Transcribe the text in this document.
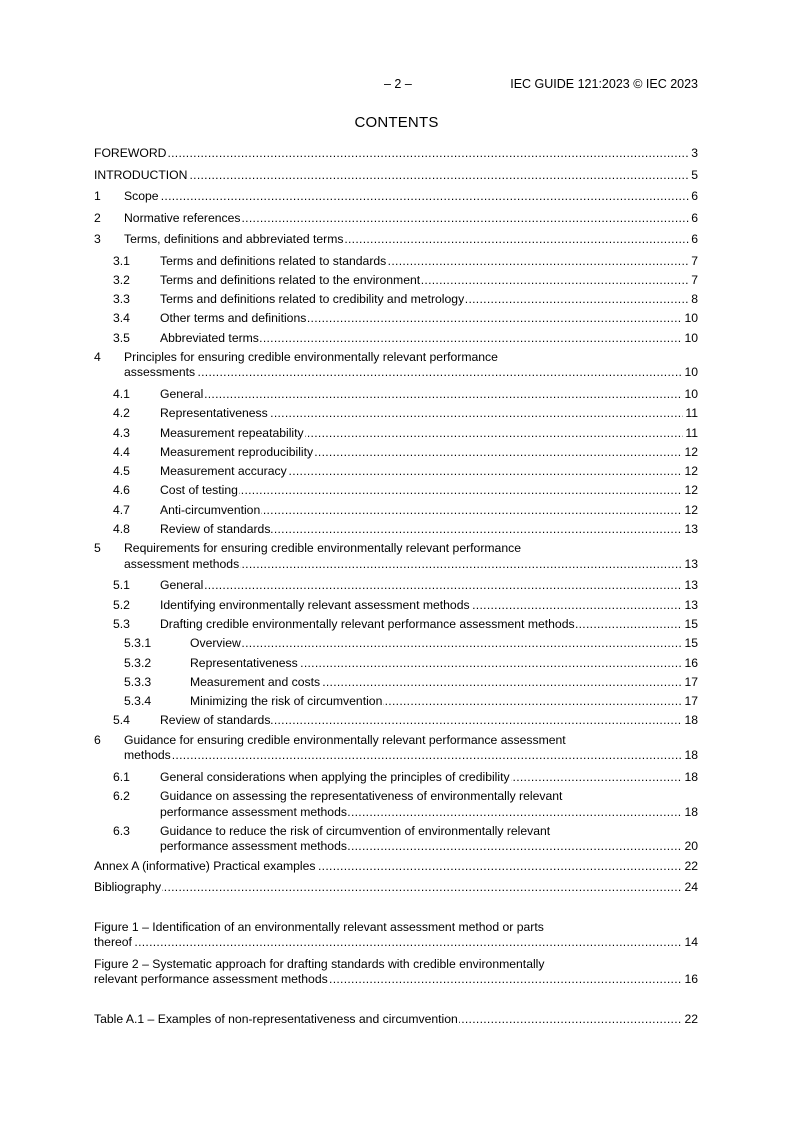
– 2 –	IEC GUIDE 121:2023 © IEC 2023
CONTENTS
FOREWORD . . .	3
INTRODUCTION . . .	5
1 Scope . . .	6
2 Normative references . . .	6
3 Terms, definitions and abbreviated terms . . .	6
3.1 Terms and definitions related to standards . . .	7
3.2 Terms and definitions related to the environment . . .	7
3.3 Terms and definitions related to credibility and metrology . . .	8
3.4 Other terms and definitions . . .	10
3.5 Abbreviated terms . . .	10
4 Principles for ensuring credible environmentally relevant performance
assessments . . .	10
4.1 General . . .	10
4.2 Representativeness . . .	11
4.3 Measurement repeatability . . .	11
4.4 Measurement reproducibility . . .	12
4.5 Measurement accuracy . . .	12
4.6 Cost of testing . . .	12
4.7 Anti-circumvention . . .	12
4.8 Review of standards . . .	13
5 Requirements for ensuring credible environmentally relevant performance
assessment methods . . .	13
5.1 General . . .	13
5.2 Identifying environmentally relevant assessment methods . . .	13
5.3 Drafting credible environmentally relevant performance assessment methods . . .	15
5.3.1	Overview . . .	15
5.3.2	Representativeness . . .	16
5.3.3	Measurement and costs . . .	17
5.3.4	Minimizing the risk of circumvention . . .	17
5.4 Review of standards . . .	18
6 Guidance for ensuring credible environmentally relevant performance assessment
methods . . .	18
6.1 General considerations when applying the principles of credibility . . .	18
6.2 Guidance on assessing the representativeness of environmentally relevant
performance assessment methods . . .	18
6.3 Guidance to reduce the risk of circumvention of environmentally relevant
performance assessment methods . . .	20
Annex A (informative) Practical examples . . .	22
Bibliography . . .	24
Figure 1 – Identification of an environmentally relevant assessment method or parts
thereof . . .	14
Figure 2 – Systematic approach for drafting standards with credible environmentally
relevant performance assessment methods . . .	16
Table A.1 – Examples of non-representativeness and circumvention . . .	22
